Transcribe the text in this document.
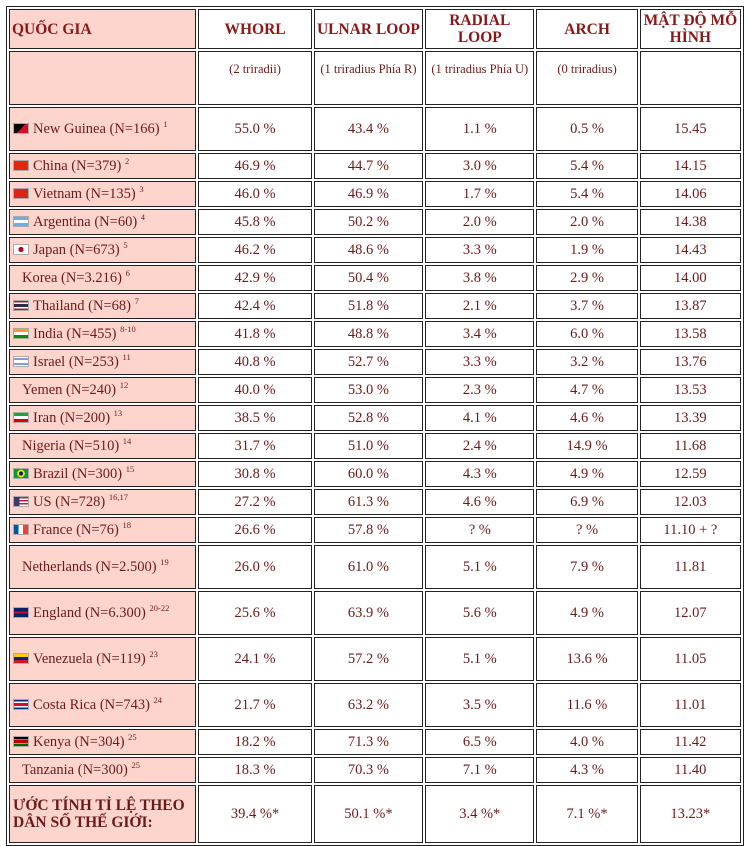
QUỐC GIA	WHORL	ULNAR LOOP	RADIAL LOOP	ARCH	MẬT ĐỘ MỖ HÌNH
	(2 triradii)	(1 triradius Phía R)	(1 triradius Phía U)	(0 triradius)	
New Guinea (N=166) $^1$	55.0 %	43.4 %	1.1 %	0.5 %	15.45
China (N=379) $^2$	46.9 %	44.7 %	3.0 %	5.4 %	14.15
Vietnam (N=135) $^3$	46.0 %	46.9 %	1.7 %	5.4 %	14.06
Argentina (N=60) $^4$	45.8 %	50.2 %	2.0 %	2.0 %	14.38
Japan (N=673) $^5$	46.2 %	48.6 %	3.3 %	1.9 %	14.43
Korea (N=3.216) $^6$	42.9 %	50.4 %	3.8 %	2.9 %	14.00
Thailand (N=68) $^7$	42.4 %	51.8 %	2.1 %	3.7 %	13.87
India (N=455) $^{8-10}$	41.8 %	48.8 %	3.4 %	6.0 %	13.58
Israel (N=253) $^{11}$	40.8 %	52.7 %	3.3 %	3.2 %	13.76
Yemen (N=240) $^{12}$	40.0 %	53.0 %	2.3 %	4.7 %	13.53
Iran (N=200) $^{13}$	38.5 %	52.8 %	4.1 %	4.6 %	13.39
Nigeria (N=510) $^{14}$	31.7 %	51.0 %	2.4 %	14.9 %	11.68
Brazil (N=300) $^{15}$	30.8 %	60.0 %	4.3 %	4.9 %	12.59
US (N=728) $^{16,17}$	27.2 %	61.3 %	4.6 %	6.9 %	12.03
France (N=76) $^{18}$	26.6 %	57.8 %	? %	? %	11.10 + ?
Netherlands (N=2.500) $^{19}$	26.0 %	61.0 %	5.1 %	7.9 %	11.81
England (N=6.300) $^{20-22}$	25.6 %	63.9 %	5.6 %	4.9 %	12.07
Venezuela (N=119) $^{23}$	24.1 %	57.2 %	5.1 %	13.6 %	11.05
Costa Rica (N=743) $^{24}$	21.7 %	63.2 %	3.5 %	11.6 %	11.01
Kenya (N=304) $^{25}$	18.2 %	71.3 %	6.5 %	4.0 %	11.42
Tanzania (N=300) $^{25}$	18.3 %	70.3 %	7.1 %	4.3 %	11.40
ƯỚC TÍNH TỈ LỆ THEO DÂN SỐ THẾ GIỚI:	39.4 %*	50.1 %*	3.4 %*	7.1 %*	13.23*
